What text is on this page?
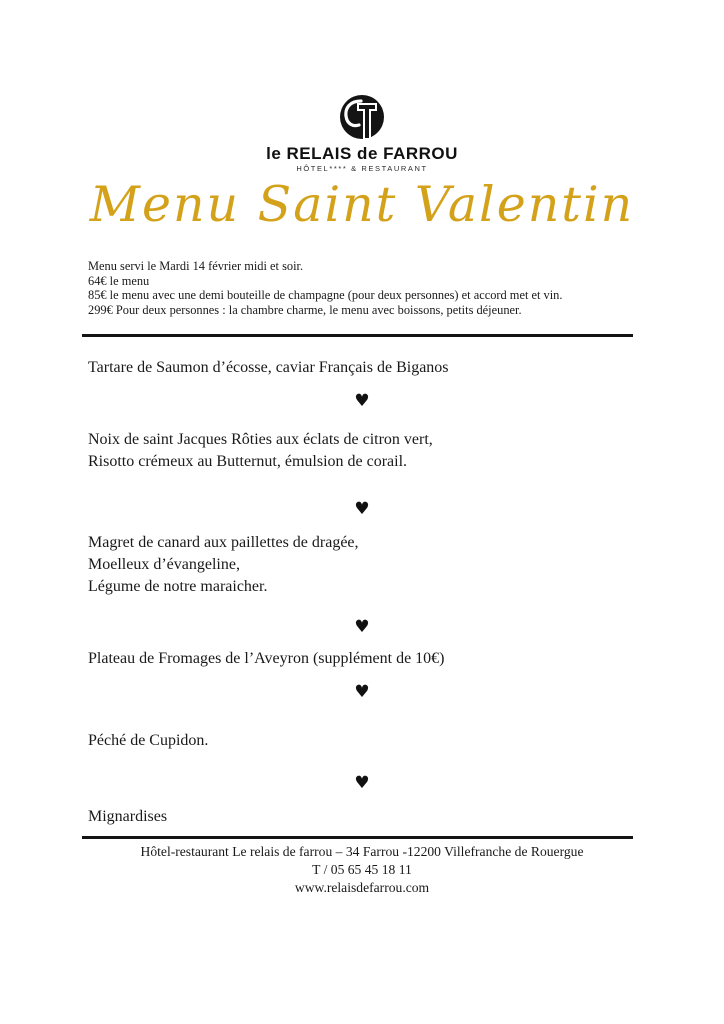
le RELAIS de FARROU
HÔTEL**** & RESTAURANT
Menu Saint Valentin

Menu servi le Mardi 14 février midi et soir.

64€ le menu

85€ le menu avec une demi bouteille de champagne (pour deux personnes) et accord met et vin.

299€ Pour deux personnes : la chambre charme, le menu avec boissons, petits déjeuner.

Tartare de Saumon d’écosse, caviar Français de Biganos

♥

Noix de saint Jacques Rôties aux éclats de citron vert,

Risotto crémeux au Butternut, émulsion de corail.

♥

Magret de canard aux paillettes de dragée,

Moelleux d’évangeline,

Légume de notre maraicher.

♥

Plateau de Fromages de l’Aveyron (supplément de 10€)

♥

Péché de Cupidon.

♥

Mignardises

Hôtel-restaurant Le relais de farrou – 34 Farrou -12200 Villefranche de Rouergue

T / 05 65 45 18 11

www.relaisdefarrou.com
